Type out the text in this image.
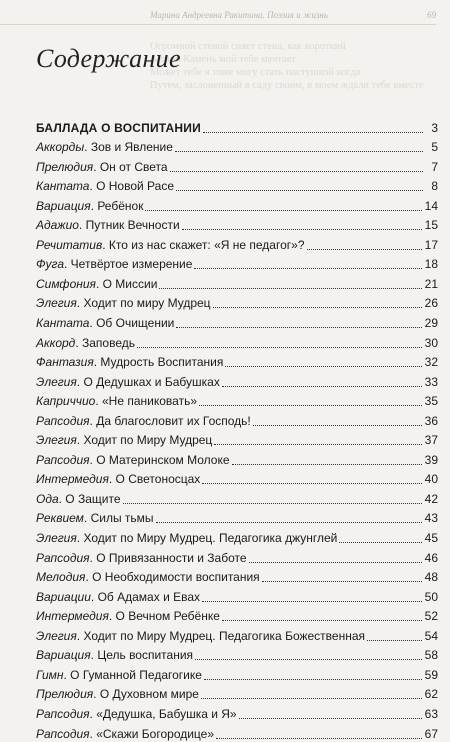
Марина Андреевна Ракитина. Поэзия и жизнь	69
Огромной стеной сияет стена, как короткий
А свой Камень мой тебе мечтает
Может тебе я тоже могу стать пастушкой когда
Путем, заслоненный в саду своим, в моем ждали тебе вместе
Содержание
БАЛЛАДА О ВОСПИТАНИИ	3
Аккорды. Зов и Явление	5
Прелюдия. Он от Света	7
Кантата. О Новой Расе	8
Вариация. Ребёнок	14
Адажио. Путник Вечности	15
Речитатив. Кто из нас скажет: «Я не педагог»?	17
Фуга. Четвёртое измерение	18
Симфония. О Миссии	21
Элегия. Ходит по миру Мудрец	26
Кантата. Об Очищении	29
Аккорд. Заповедь	30
Фантазия. Мудрость Воспитания	32
Элегия. О Дедушках и Бабушках	33
Каприччио. «Не паниковать»	35
Рапсодия. Да благословит их Господь!	36
Элегия. Ходит по Миру Мудрец	37
Рапсодия. О Материнском Молоке	39
Интермедия. О Светоносцах	40
Ода. О Защите	42
Реквием. Силы тьмы	43
Элегия. Ходит по Миру Мудрец. Педагогика джунглей	45
Рапсодия. О Привязанности и Заботе	46
Мелодия. О Необходимости воспитания	48
Вариации. Об Адамах и Евах	50
Интермедия. О Вечном Ребёнке	52
Элегия. Ходит по Миру Мудрец. Педагогика Божественная	54
Вариация. Цель воспитания	58
Гимн. О Гуманной Педагогике	59
Прелюдия. О Духовном мире	62
Рапсодия. «Дедушка, Бабушка и Я»	63
Рапсодия. «Скажи Богородице»	67
